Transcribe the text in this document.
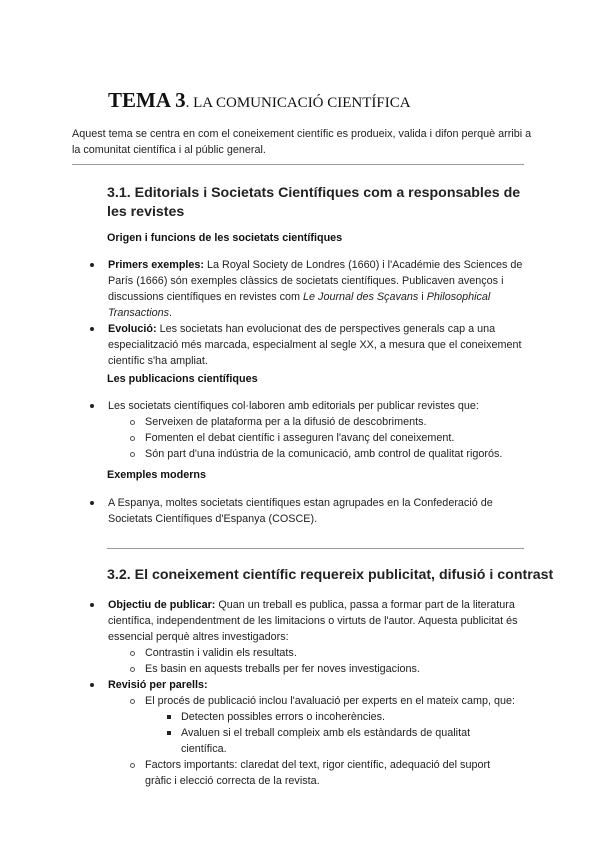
TEMA 3. LA COMUNICACIÓ CIENTÍFICA
Aquest tema se centra en com el coneixement científic es produeix, valida i difon perquè arribi a la comunitat científica i al públic general.
3.1. Editorials i Societats Científiques com a responsables de les revistes
Origen i funcions de les societats científiques
Primers exemples: La Royal Society de Londres (1660) i l'Académie des Sciences de París (1666) són exemples clàssics de societats científiques. Publicaven avenços i discussions científiques en revistes com Le Journal des Sçavans i Philosophical Transactions.
Evolució: Les societats han evolucionat des de perspectives generals cap a una especialització més marcada, especialment al segle XX, a mesura que el coneixement científic s'ha ampliat.
Les publicacions científiques
Les societats científiques col·laboren amb editorials per publicar revistes que:
Serveixen de plataforma per a la difusió de descobriments.
Fomenten el debat científic i asseguren l'avanç del coneixement.
Són part d'una indústria de la comunicació, amb control de qualitat rigorós.
Exemples moderns
A Espanya, moltes societats científiques estan agrupades en la Confederació de Societats Científiques d'Espanya (COSCE).
3.2. El coneixement científic requereix publicitat, difusió i contrast
Objectiu de publicar: Quan un treball es publica, passa a formar part de la literatura científica, independentment de les limitacions o virtuts de l'autor. Aquesta publicitat és essencial perquè altres investigadors:
Contrastin i validin els resultats.
Es basin en aquests treballs per fer noves investigacions.
Revisió per parells:
El procés de publicació inclou l'avaluació per experts en el mateix camp, que:
Detecten possibles errors o incoherències.
Avaluen si el treball compleix amb els estàndards de qualitat científica.
Factors importants: claredat del text, rigor científic, adequació del suport gràfic i elecció correcta de la revista.
